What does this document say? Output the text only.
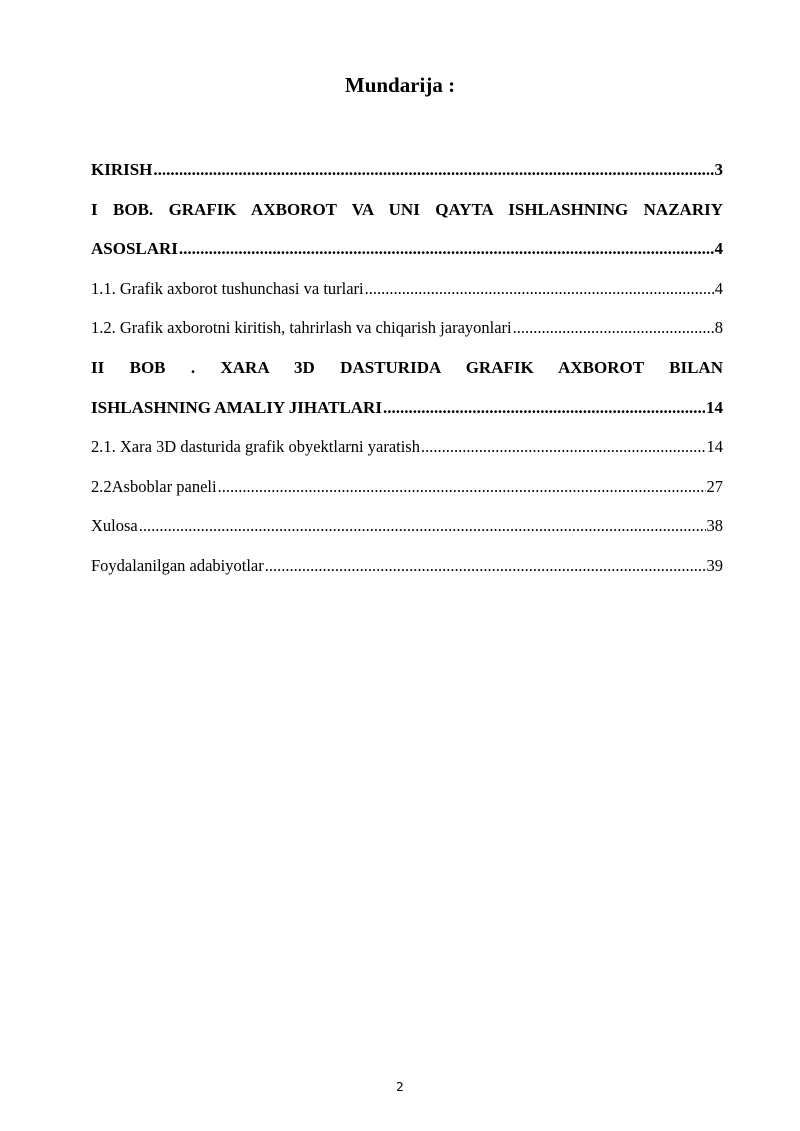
Mundarija :
KIRISH .....	3
I BOB. GRAFIK AXBOROT VA UNI QAYTA ISHLASHNING NAZARIY
ASOSLARI .....	4
1.1. Grafik axborot tushunchasi va turlari .....	4
1.2. Grafik axborotni kiritish, tahrirlash va chiqarish jarayonlari .....	8
II BOB . XARA 3D DASTURIDA GRAFIK AXBOROT BILAN
ISHLASHNING AMALIY JIHATLARI .....	14
2.1. Xara 3D dasturida grafik obyektlarni yaratish .....	14
2.2Asboblar paneli .....	27
Xulosa .....	38
Foydalanilgan adabiyotlar .....	39
2
